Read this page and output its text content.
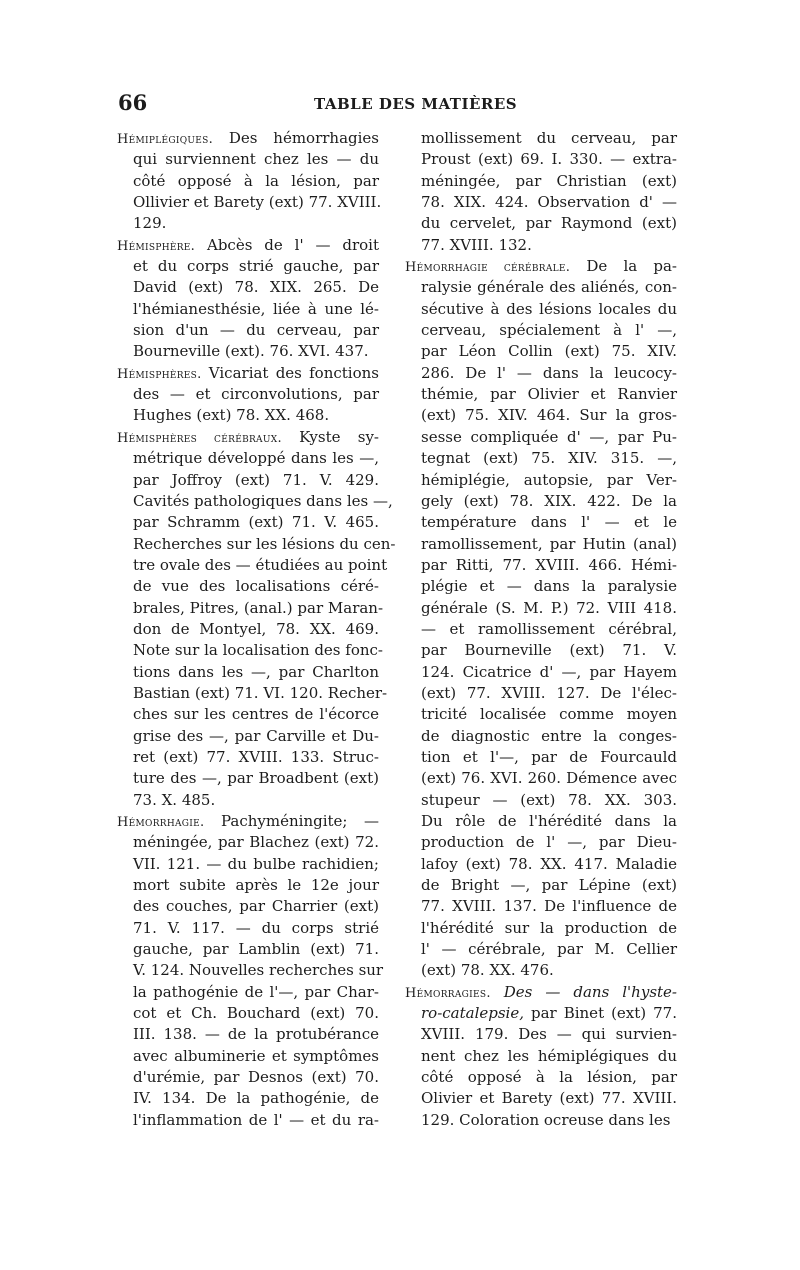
66	TABLE DES MATIÈRES
Hémiplégiques. Des hémorrhagies
qui surviennent chez les — du
côté opposé à la lésion, par
Ollivier et Barety (ext) 77. XVIII.
129.
Hémisphère. Abcès de l' — droit
et du corps strié gauche, par
David (ext) 78. XIX. 265. De
l'hémianesthésie, liée à une lé-
sion d'un — du cerveau, par
Bourneville (ext). 76. XVI. 437.
Hémisphères. Vicariat des fonctions
des — et circonvolutions, par
Hughes (ext) 78. XX. 468.
Hémisphères cérébraux. Kyste sy-
métrique développé dans les —,
par Joffroy (ext) 71. V. 429.
Cavités pathologiques dans les —,
par Schramm (ext) 71. V. 465.
Recherches sur les lésions du cen-
tre ovale des — étudiées au point
de vue des localisations céré-
brales, Pitres, (anal.) par Maran-
don de Montyel, 78. XX. 469.
Note sur la localisation des fonc-
tions dans les —, par Charlton
Bastian (ext) 71. VI. 120. Recher-
ches sur les centres de l'écorce
grise des —, par Carville et Du-
ret (ext) 77. XVIII. 133. Struc-
ture des —, par Broadbent (ext)
73. X. 485.
Hémorrhagie. Pachyméningite; —
méningée, par Blachez (ext) 72.
VII. 121. — du bulbe rachidien;
mort subite après le 12e jour
des couches, par Charrier (ext)
71. V. 117. — du corps strié
gauche, par Lamblin (ext) 71.
V. 124. Nouvelles recherches sur
la pathogénie de l'—, par Char-
cot et Ch. Bouchard (ext) 70.
III. 138. — de la protubérance
avec albuminerie et symptômes
d'urémie, par Desnos (ext) 70.
IV. 134. De la pathogénie, de
l'inflammation de l' — et du ra-
mollissement du cerveau, par
Proust (ext) 69. I. 330. — extra-
méningée, par Christian (ext)
78. XIX. 424. Observation d' —
du cervelet, par Raymond (ext)
77. XVIII. 132.
Hémorrhagie cérébrale. De la pa-
ralysie générale des aliénés, con-
sécutive à des lésions locales du
cerveau, spécialement à l' —,
par Léon Collin (ext) 75. XIV.
286. De l' — dans la leucocy-
thémie, par Olivier et Ranvier
(ext) 75. XIV. 464. Sur la gros-
sesse compliquée d' —, par Pu-
tegnat (ext) 75. XIV. 315. —,
hémiplégie, autopsie, par Ver-
gely (ext) 78. XIX. 422. De la
température dans l' — et le
ramollissement, par Hutin (anal)
par Ritti, 77. XVIII. 466. Hémi-
plégie et — dans la paralysie
générale (S. M. P.) 72. VIII 418.
— et ramollissement cérébral,
par Bourneville (ext) 71. V.
124. Cicatrice d' —, par Hayem
(ext) 77. XVIII. 127. De l'élec-
tricité localisée comme moyen
de diagnostic entre la conges-
tion et l'—, par de Fourcauld
(ext) 76. XVI. 260. Démence avec
stupeur — (ext) 78. XX. 303.
Du rôle de l'hérédité dans la
production de l' —, par Dieu-
lafoy (ext) 78. XX. 417. Maladie
de Bright —, par Lépine (ext)
77. XVIII. 137. De l'influence de
l'hérédité sur la production de
l' — cérébrale, par M. Cellier
(ext) 78. XX. 476.
Hémorragies. Des — dans l'hyste-
ro-catalepsie, par Binet (ext) 77.
XVIII. 179. Des — qui survien-
nent chez les hémiplégiques du
côté opposé à la lésion, par
Olivier et Barety (ext) 77. XVIII.
129. Coloration ocreuse dans les
